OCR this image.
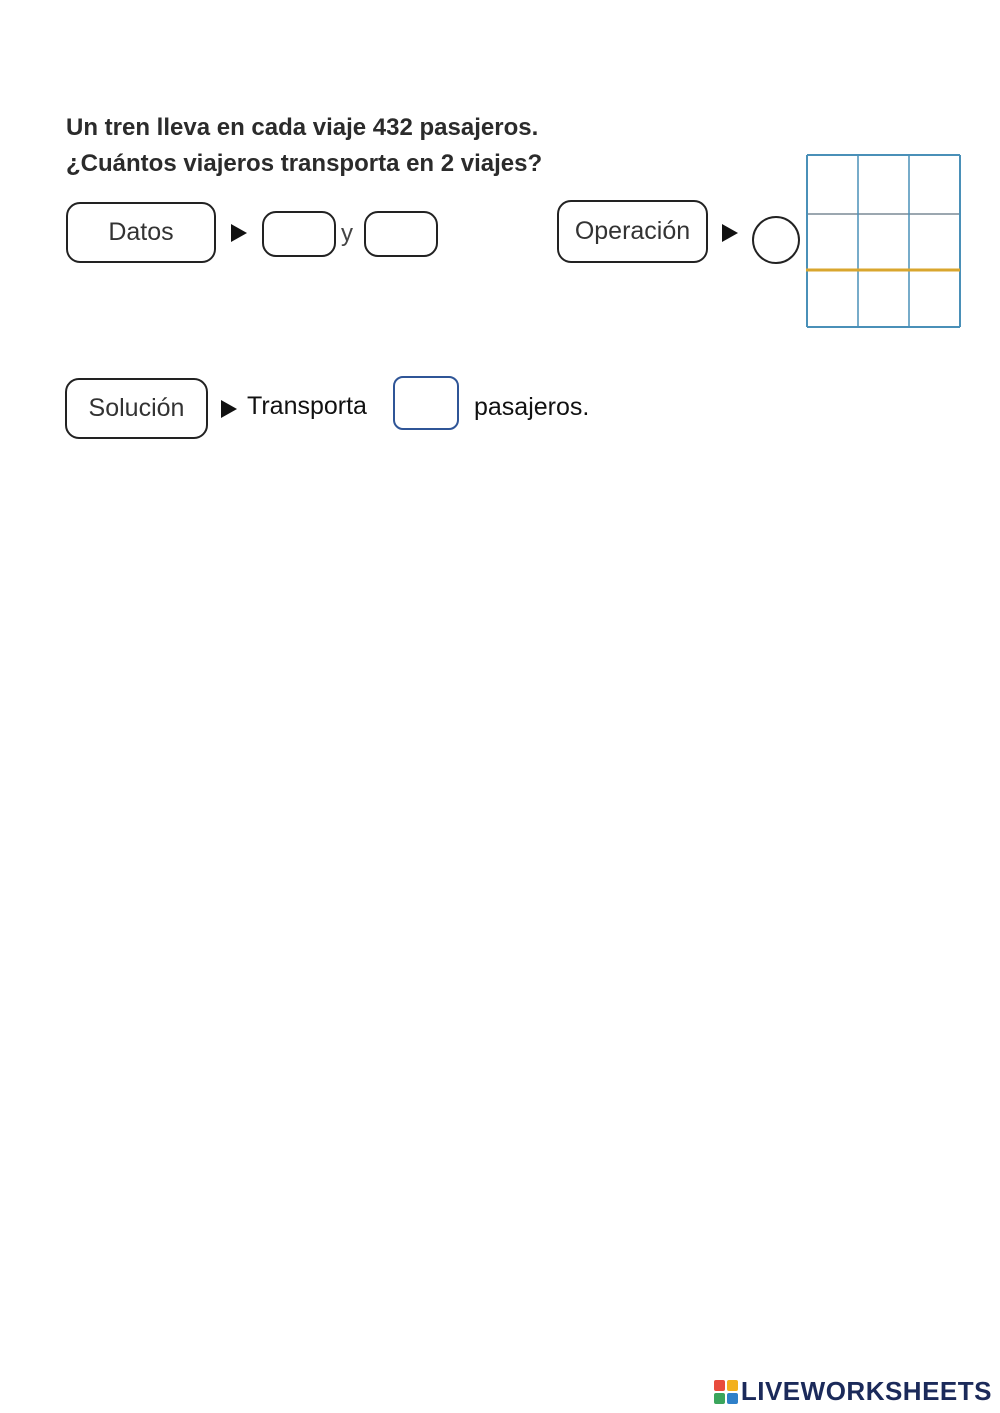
Un tren lleva en cada viaje 432 pasajeros.
¿Cuántos viajeros transporta en 2 viajes?
Datos	y	Operación
Solución	Transporta	pasajeros.
LIVEWORKSHEETS
